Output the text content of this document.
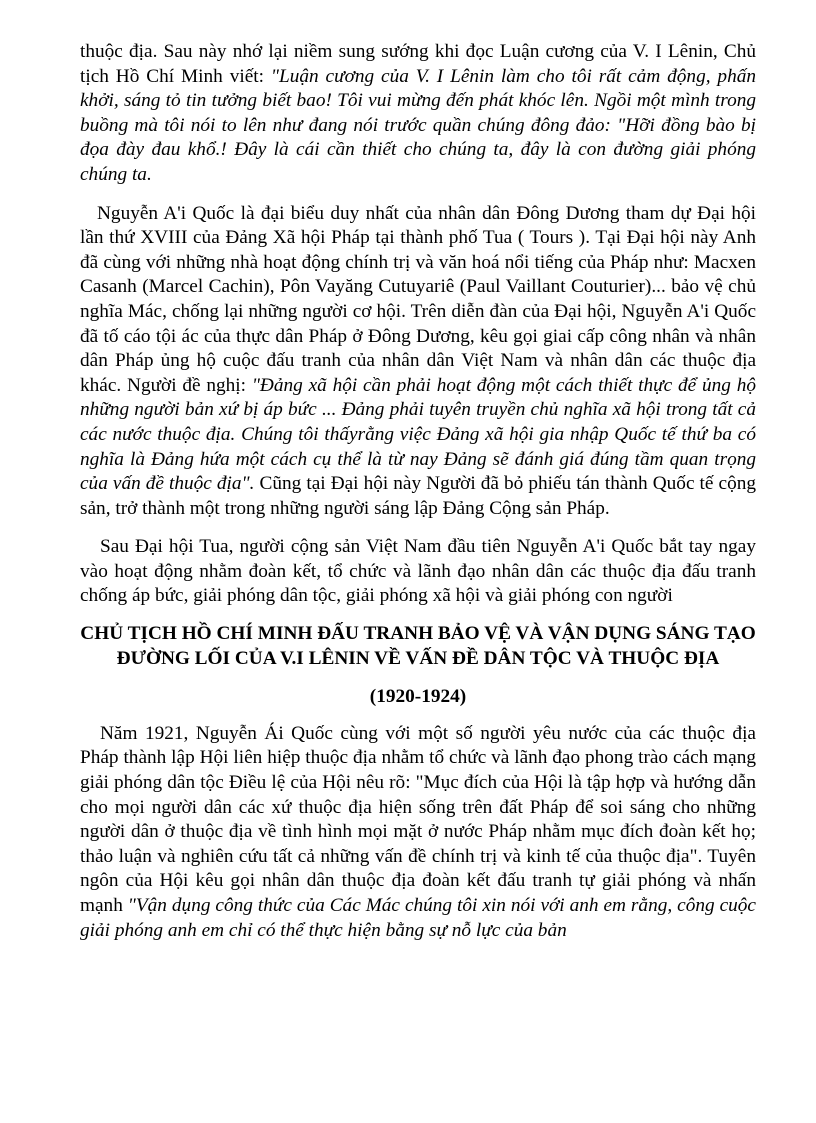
thuộc địa. Sau này nhớ lại niềm sung sướng khi đọc Luận cương của V. I Lênin, Chủ tịch Hồ Chí Minh viết: "Luận cương của V. I Lênin làm cho tôi rất cảm động, phấn khởi, sáng tỏ tin tưởng biết bao! Tôi vui mừng đến phát khóc lên. Ngồi một mình trong buồng mà tôi nói to lên như đang nói trước quần chúng đông đảo: "Hỡi đồng bào bị đọa đày đau khổ.! Đây là cái cần thiết cho chúng ta, đây là con đường giải phóng chúng ta.

Nguyễn A'i Quốc là đại biểu duy nhất của nhân dân Đông Dương tham dự Đại hội lần thứ XVIII của Đảng Xã hội Pháp tại thành phố Tua ( Tours ). Tại Đại hội này Anh đã cùng với những nhà hoạt động chính trị và văn hoá nổi tiếng của Pháp như: Macxen Casanh (Marcel Cachin), Pôn Vayăng Cutuyariê (Paul Vaillant Couturier)... bảo vệ chủ nghĩa Mác, chống lại những người cơ hội. Trên diễn đàn của Đại hội, Nguyễn A'i Quốc đã tố cáo tội ác của thực dân Pháp ở Đông Dương, kêu gọi giai cấp công nhân và nhân dân Pháp ủng hộ cuộc đấu tranh của nhân dân Việt Nam và nhân dân các thuộc địa khác. Người đề nghị: "Đảng xã hội cần phải hoạt động một cách thiết thực để ủng hộ những người bản xứ bị áp bức ... Đảng phải tuyên truyền chủ nghĩa xã hội trong tất cả các nước thuộc địa. Chúng tôi thấyrằng việc Đảng xã hội gia nhập Quốc tế thứ ba có nghĩa là Đảng hứa một cách cụ thể là từ nay Đảng sẽ đánh giá đúng tầm quan trọng của vấn đề thuộc địa". Cũng tại Đại hội này Người đã bỏ phiếu tán thành Quốc tế cộng sản, trở thành một trong những người sáng lập Đảng Cộng sản Pháp.

Sau Đại hội Tua, người cộng sản Việt Nam đầu tiên Nguyễn A'i Quốc bắt tay ngay vào hoạt động nhằm đoàn kết, tổ chức và lãnh đạo nhân dân các thuộc địa đấu tranh chống áp bức, giải phóng dân tộc, giải phóng xã hội và giải phóng con người

CHỦ TỊCH HỒ CHÍ MINH ĐẤU TRANH BẢO VỆ VÀ VẬN DỤNG SÁNG TẠO ĐƯỜNG LỐI CỦA V.I LÊNIN VỀ VẤN ĐỀ DÂN TỘC VÀ THUỘC ĐỊA
(1920-1924)

Năm 1921, Nguyễn Ái Quốc cùng với một số người yêu nước của các thuộc địa Pháp thành lập Hội liên hiệp thuộc địa nhằm tổ chức và lãnh đạo phong trào cách mạng giải phóng dân tộc Điều lệ của Hội nêu rõ: "Mục đích của Hội là tập hợp và hướng dẫn cho mọi người dân các xứ thuộc địa hiện sống trên đất Pháp để soi sáng cho những người dân ở thuộc địa về tình hình mọi mặt ở nước Pháp nhằm mục đích đoàn kết họ; thảo luận và nghiên cứu tất cả những vấn đề chính trị và kinh tế của thuộc địa". Tuyên ngôn của Hội kêu gọi nhân dân thuộc địa đoàn kết đấu tranh tự giải phóng và nhấn mạnh "Vận dụng công thức của Các Mác chúng tôi xin nói với anh em rằng, công cuộc giải phóng anh em chỉ có thể thực hiện bằng sự nỗ lực của bản
